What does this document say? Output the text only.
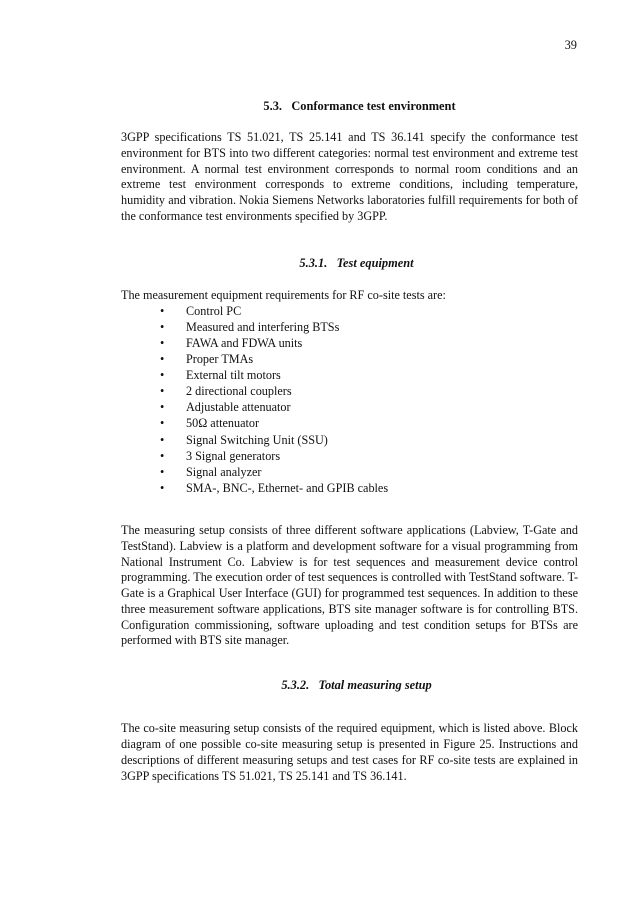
39
5.3. Conformance test environment

3GPP specifications TS 51.021, TS 25.141 and TS 36.141 specify the conformance test environment for BTS into two different categories: normal test environment and extreme test environment. A normal test environment corresponds to normal room conditions and an extreme test environment corresponds to extreme conditions, including temperature, humidity and vibration. Nokia Siemens Networks laboratories fulfill requirements for both of the conformance test environments specified by 3GPP.

5.3.1. Test equipment

The measurement equipment requirements for RF co-site tests are:

• Control PC
• Measured and interfering BTSs
• FAWA and FDWA units
• Proper TMAs
• External tilt motors
• 2 directional couplers
• Adjustable attenuator
• 50Ω attenuator
• Signal Switching Unit (SSU)
• 3 Signal generators
• Signal analyzer
• SMA-, BNC-, Ethernet- and GPIB cables

The measuring setup consists of three different software applications (Labview, T-Gate and TestStand). Labview is a platform and development software for a visual programming from National Instrument Co. Labview is for test sequences and measurement device control programming. The execution order of test sequences is controlled with TestStand software. T-Gate is a Graphical User Interface (GUI) for programmed test sequences. In addition to these three measurement software applications, BTS site manager software is for controlling BTS. Configuration commissioning, software uploading and test condition setups for BTSs are performed with BTS site manager.

5.3.2. Total measuring setup

The co-site measuring setup consists of the required equipment, which is listed above. Block diagram of one possible co-site measuring setup is presented in Figure 25. Instructions and descriptions of different measuring setups and test cases for RF co-site tests are explained in 3GPP specifications TS 51.021, TS 25.141 and TS 36.141.
